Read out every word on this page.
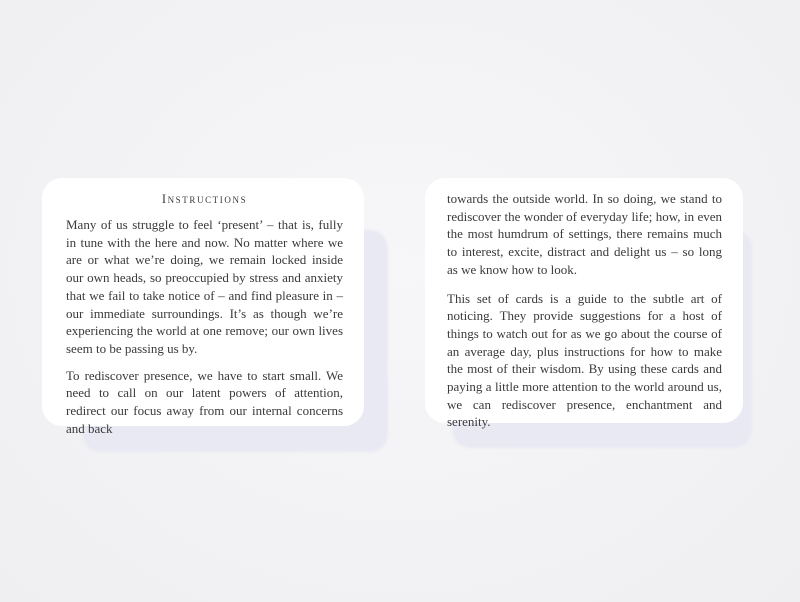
Instructions

Many of us struggle to feel ‘present’ – that is, fully in tune with the here and now. No matter where we are or what we’re doing, we remain locked inside our own heads, so preoccupied by stress and anxiety that we fail to take notice of – and find pleasure in – our immediate surroundings. It’s as though we’re experiencing the world at one remove; our own lives seem to be passing us by.

To rediscover presence, we have to start small. We need to call on our latent powers of attention, redirect our focus away from our internal concerns and back

towards the outside world. In so doing, we stand to rediscover the wonder of everyday life; how, in even the most humdrum of settings, there remains much to interest, excite, distract and delight us – so long as we know how to look.

This set of cards is a guide to the subtle art of noticing. They provide suggestions for a host of things to watch out for as we go about the course of an average day, plus instructions for how to make the most of their wisdom. By using these cards and paying a little more attention to the world around us, we can rediscover presence, enchantment and serenity.
